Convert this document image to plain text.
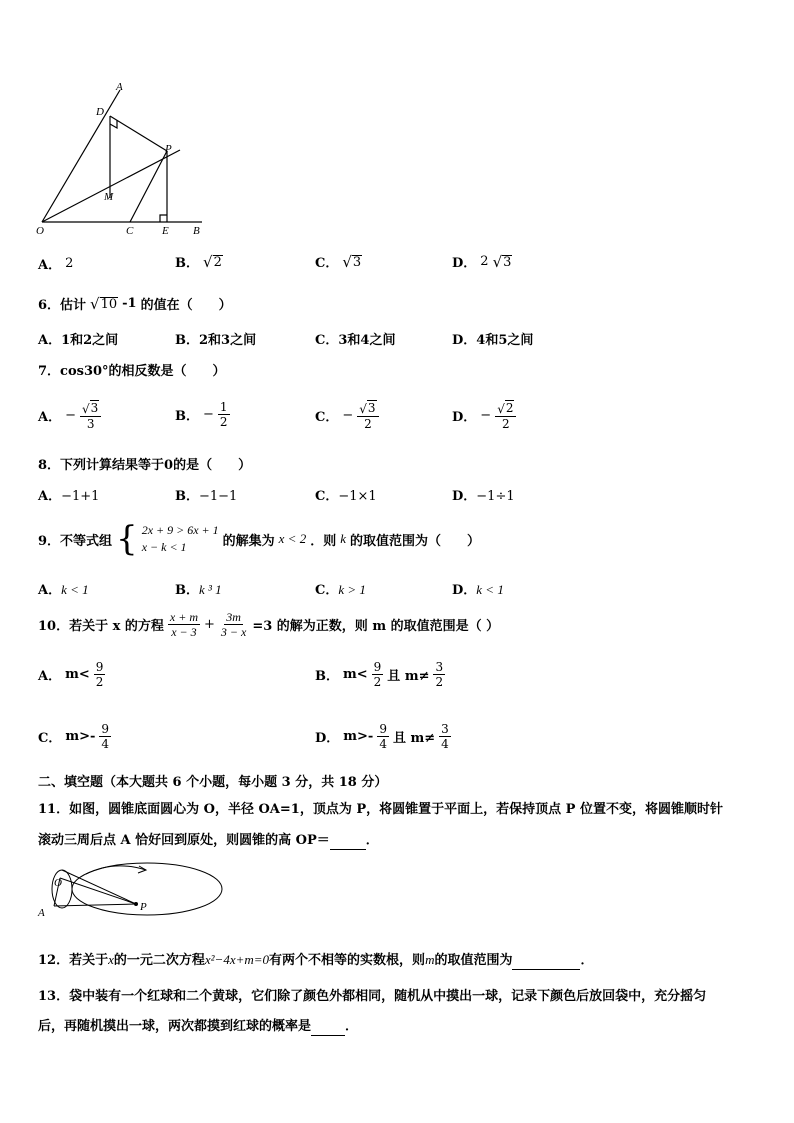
A
D
P
M
O	C	E B
A． 2	B． √ 2	C． √ 3	D． 2 √ 3
6．估计 √ 10 -1 的值在（　　）
A．1和2之间	B．2和3之间	C．3和4之间	D．4和5之间
7．cos30°的相反数是（　　）
A． − $\frac{√ 3}{3}$	B． − $\frac{1}{2}$	C． − $\frac{√ 3}{2}$	D． − $\frac{√ 2}{2}$
8．下列计算结果等于0的是（　　）
A．−1+1	B．−1−1	C．−1×1	D．−1÷1
9．不等式组 { 2x + 9 > 6x + 1
x − k < 1	的解集为 x < 2 ．则 k 的取值范围为（　　）
A．k < 1	B．k ³ 1	C．k > 1	D．k < 1
10．若关于 x 的方程 $\frac{x + m}{x - 3} + \frac{3m}{3 - x} =3$ 的解为正数，则 m 的取值范围是（ ）
A． $m< \frac{9}{2}$	B． $m< \frac{9}{2}$ 且 $m\ne \frac{3}{2}$
C． $m>- \frac{9}{4}$	D． $m>- \frac{9}{4}$ 且 $m\ne \frac{3}{4}$
二、填空题（本大题共 6 个小题，每小题 3 分，共 18 分）
11．如图，圆锥底面圆心为 O，半径 OA=1，顶点为 P，将圆锥置于平面上，若保持顶点 P 位置不变，将圆锥顺时针
滚动三周后点 A 恰好回到原处，则圆锥的高 OP＝	．
O
A	P
12．若关于x的一元二次方程x²−4x+m=0有两个不相等的实数根，则m的取值范围为	．
13．袋中装有一个红球和二个黄球，它们除了颜色外都相同，随机从中摸出一球，记录下颜色后放回袋中，充分摇匀
后，再随机摸出一球，两次都摸到红球的概率是	．
